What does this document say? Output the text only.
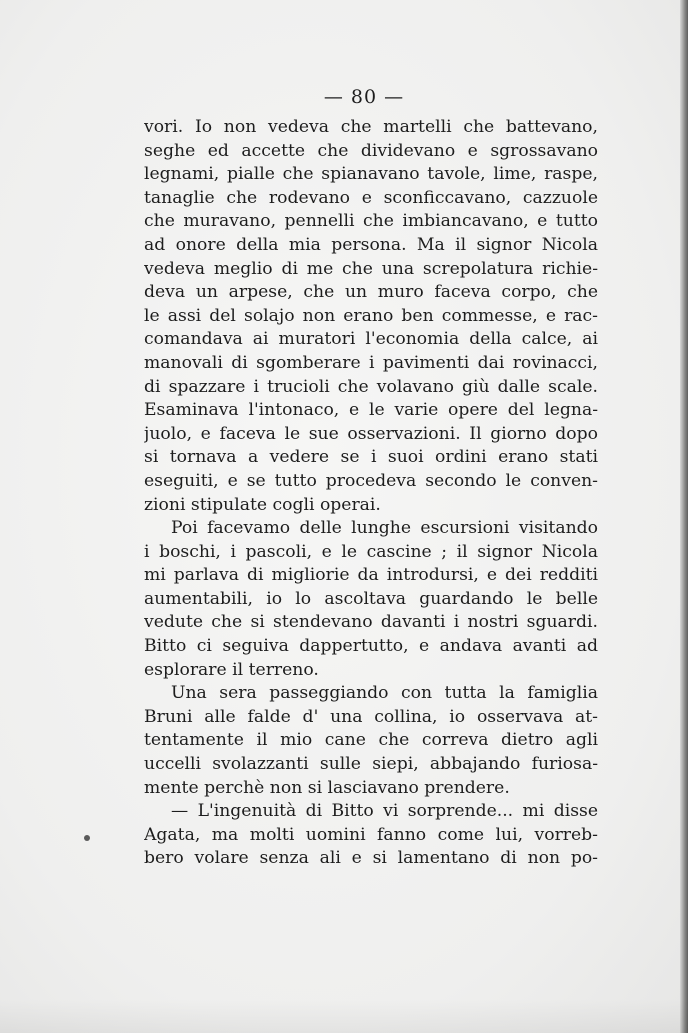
— 80 —
vori. Io non vedeva che martelli che battevano,
seghe ed accette che dividevano e sgrossavano
legnami, pialle che spianavano tavole, lime, raspe,
tanaglie che rodevano e sconficcavano, cazzuole
che muravano, pennelli che imbiancavano, e tutto
ad onore della mia persona. Ma il signor Nicola
vedeva meglio di me che una screpolatura richie-
deva un arpese, che un muro faceva corpo, che
le assi del solajo non erano ben commesse, e rac-
comandava ai muratori l'economia della calce, ai
manovali di sgomberare i pavimenti dai rovinacci,
di spazzare i trucioli che volavano giù dalle scale.
Esaminava l'intonaco, e le varie opere del legna-
juolo, e faceva le sue osservazioni. Il giorno dopo
si tornava a vedere se i suoi ordini erano stati
eseguiti, e se tutto procedeva secondo le conven-
zioni stipulate cogli operai.
Poi facevamo delle lunghe escursioni visitando
i boschi, i pascoli, e le cascine ; il signor Nicola
mi parlava di migliorie da introdursi, e dei redditi
aumentabili, io lo ascoltava guardando le belle
vedute che si stendevano davanti i nostri sguardi.
Bitto ci seguiva dappertutto, e andava avanti ad
esplorare il terreno.
Una sera passeggiando con tutta la famiglia
Bruni alle falde d' una collina, io osservava at-
tentamente il mio cane che correva dietro agli
uccelli svolazzanti sulle siepi, abbajando furiosa-
mente perchè non si lasciavano prendere.
— L'ingenuità di Bitto vi sorprende... mi disse
Agata, ma molti uomini fanno come lui, vorreb-
bero volare senza ali e si lamentano di non po-
